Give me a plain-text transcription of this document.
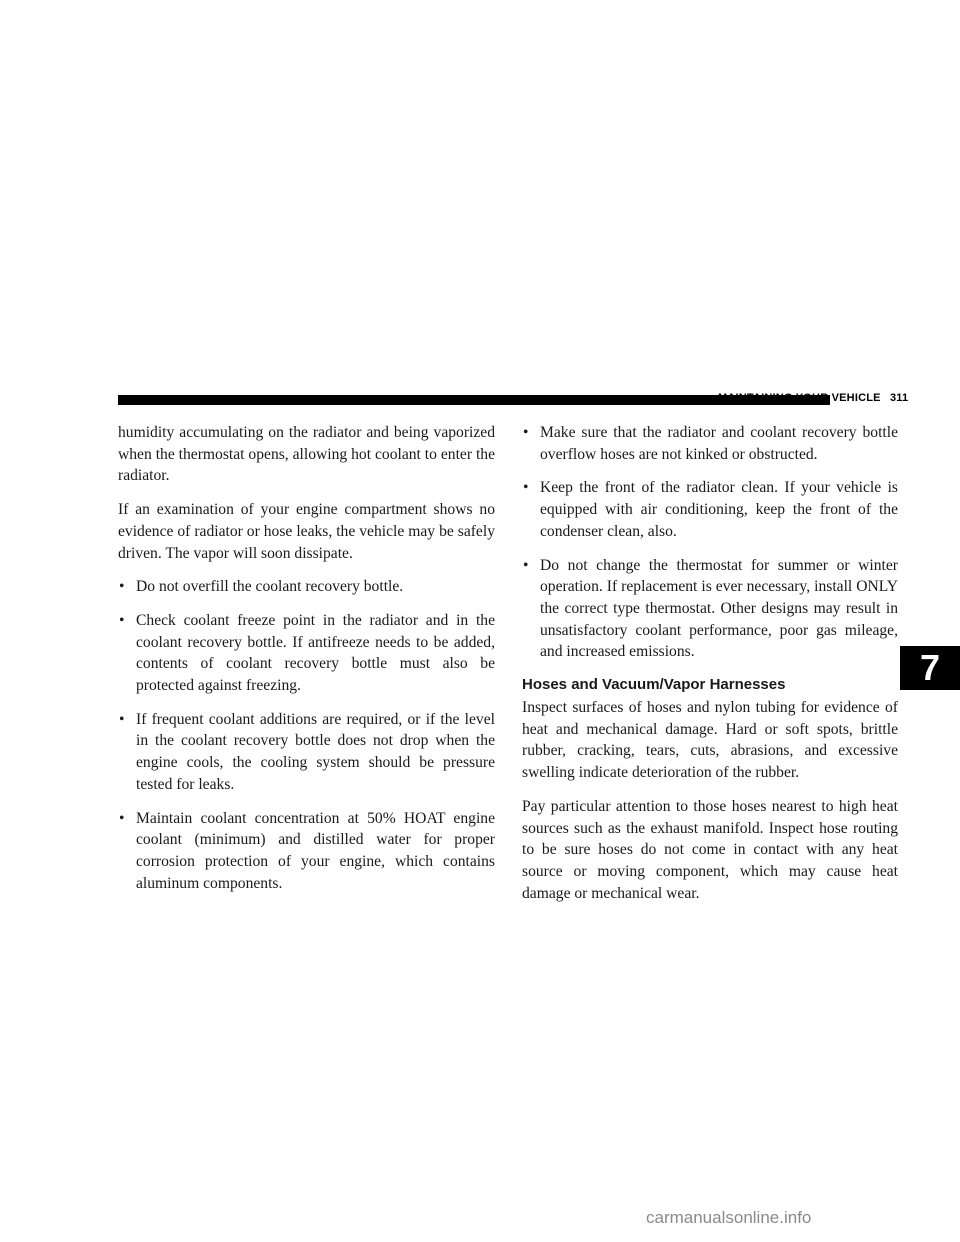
MAINTAINING YOUR VEHICLE 311

humidity accumulating on the radiator and being vaporized when the thermostat opens, allowing hot coolant to enter the radiator.

If an examination of your engine compartment shows no evidence of radiator or hose leaks, the vehicle may be safely driven. The vapor will soon dissipate.

• Do not overfill the coolant recovery bottle.
• Check coolant freeze point in the radiator and in the coolant recovery bottle. If antifreeze needs to be added, contents of coolant recovery bottle must also be protected against freezing.
• If frequent coolant additions are required, or if the level in the coolant recovery bottle does not drop when the engine cools, the cooling system should be pressure tested for leaks.
• Maintain coolant concentration at 50% HOAT engine coolant (minimum) and distilled water for proper corrosion protection of your engine, which contains aluminum components.
• Make sure that the radiator and coolant recovery bottle overflow hoses are not kinked or obstructed.
• Keep the front of the radiator clean. If your vehicle is equipped with air conditioning, keep the front of the condenser clean, also.
• Do not change the thermostat for summer or winter operation. If replacement is ever necessary, install ONLY the correct type thermostat. Other designs may result in unsatisfactory coolant performance, poor gas mileage, and increased emissions.
Hoses and Vacuum/Vapor Harnesses

Inspect surfaces of hoses and nylon tubing for evidence of heat and mechanical damage. Hard or soft spots, brittle rubber, cracking, tears, cuts, abrasions, and excessive swelling indicate deterioration of the rubber.

Pay particular attention to those hoses nearest to high heat sources such as the exhaust manifold. Inspect hose routing to be sure hoses do not come in contact with any heat source or moving component, which may cause heat damage or mechanical wear.

7
carmanualsonline.info
